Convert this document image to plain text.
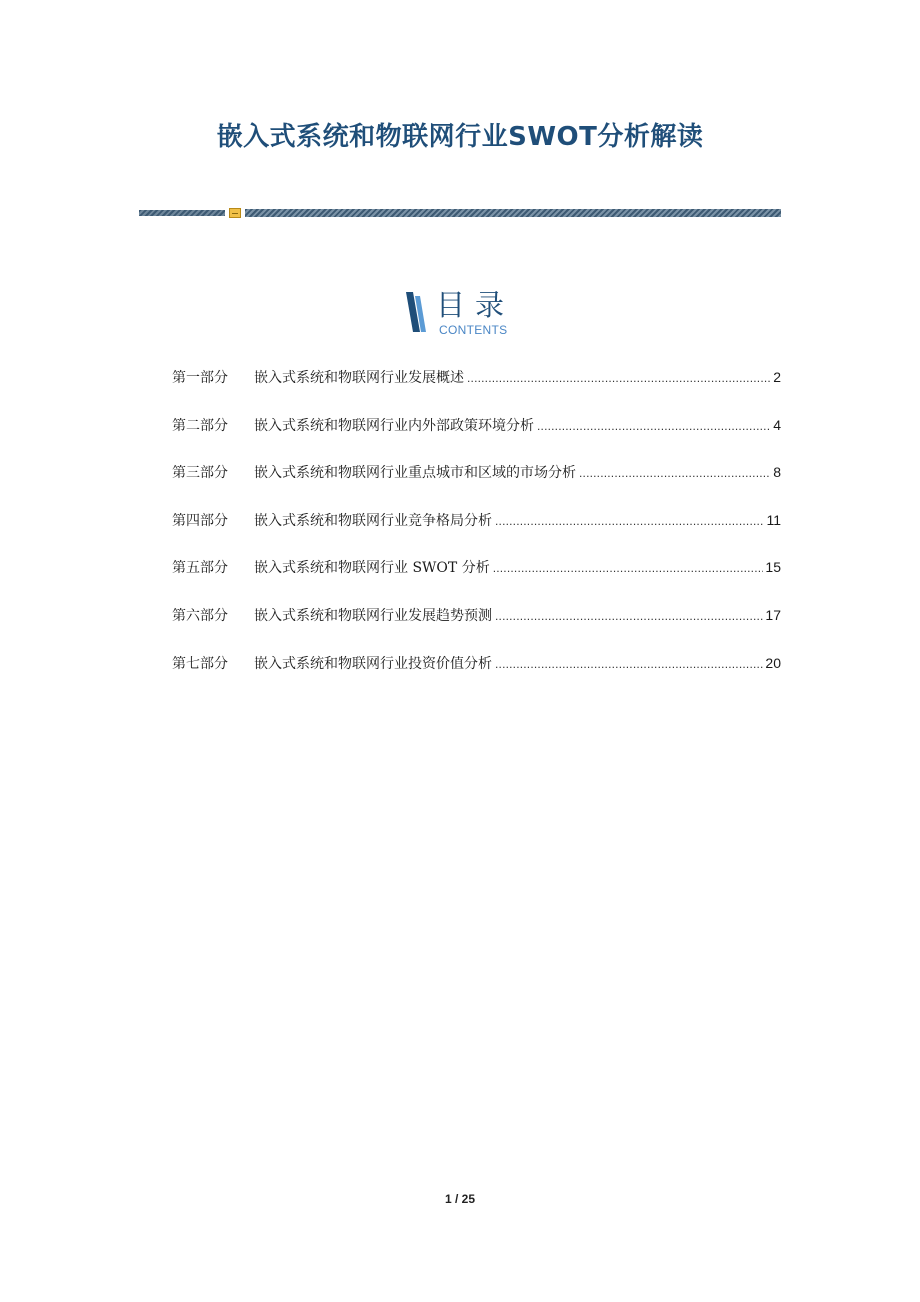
嵌入式系统和物联网行业SWOT分析解读
目录
CONTENTS
第一部分	嵌入式系统和物联网行业发展概述 .....	2
第二部分	嵌入式系统和物联网行业内外部政策环境分析 .....	4
第三部分	嵌入式系统和物联网行业重点城市和区域的市场分析 .....	8
第四部分	嵌入式系统和物联网行业竞争格局分析 .....	11
第五部分	嵌入式系统和物联网行业 SWOT 分析 .....	15
第六部分	嵌入式系统和物联网行业发展趋势预测 .....	17
第七部分	嵌入式系统和物联网行业投资价值分析 .....	20
1 / 25
